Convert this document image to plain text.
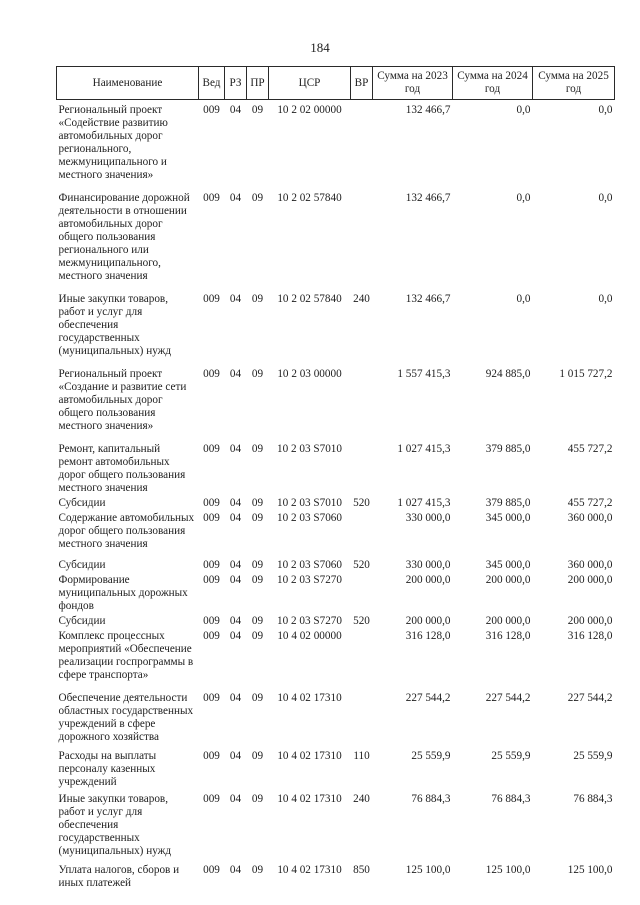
184
Наименование	Вед	РЗ	ПР	ЦСР	ВР	Сумма на 2023 год	Сумма на 2024 год	Сумма на 2025 год
Региональный проект «Содействие развитию автомобильных дорог регионального, межмуниципального и местного значения»	009	04	09	10 2 02 00000		132 466,7	0,0	0,0
Финансирование дорожной деятельности в отношении автомобильных дорог общего пользования регионального или межмуниципального, местного значения	009	04	09	10 2 02 57840		132 466,7	0,0	0,0
Иные закупки товаров, работ и услуг для обеспечения государственных (муниципальных) нужд	009	04	09	10 2 02 57840	240	132 466,7	0,0	0,0
Региональный проект «Создание и развитие сети автомобильных дорог общего пользования местного значения»	009	04	09	10 2 03 00000		1 557 415,3	924 885,0	1 015 727,2
Ремонт, капитальный ремонт автомобильных дорог общего пользования местного значения	009	04	09	10 2 03 S7010		1 027 415,3	379 885,0	455 727,2
Субсидии	009	04	09	10 2 03 S7010	520	1 027 415,3	379 885,0	455 727,2
Содержание автомобильных дорог общего пользования местного значения	009	04	09	10 2 03 S7060		330 000,0	345 000,0	360 000,0
Субсидии	009	04	09	10 2 03 S7060	520	330 000,0	345 000,0	360 000,0
Формирование муниципальных дорожных фондов	009	04	09	10 2 03 S7270		200 000,0	200 000,0	200 000,0
Субсидии	009	04	09	10 2 03 S7270	520	200 000,0	200 000,0	200 000,0
Комплекс процессных мероприятий «Обеспечение реализации госпрограммы в сфере транспорта»	009	04	09	10 4 02 00000		316 128,0	316 128,0	316 128,0
Обеспечение деятельности областных государственных учреждений в сфере дорожного хозяйства	009	04	09	10 4 02 17310		227 544,2	227 544,2	227 544,2
Расходы на выплаты персоналу казенных учреждений	009	04	09	10 4 02 17310	110	25 559,9	25 559,9	25 559,9
Иные закупки товаров, работ и услуг для обеспечения государственных (муниципальных) нужд	009	04	09	10 4 02 17310	240	76 884,3	76 884,3	76 884,3
Уплата налогов, сборов и иных платежей	009	04	09	10 4 02 17310	850	125 100,0	125 100,0	125 100,0
